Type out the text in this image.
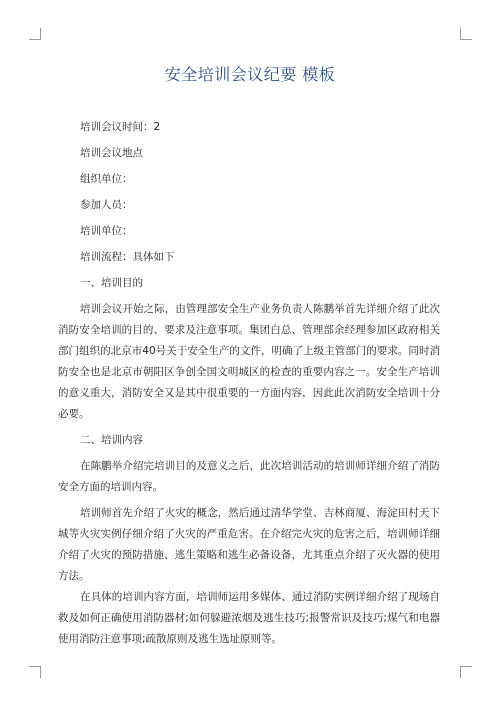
安全培训会议纪要 模板

培训会议时间：2

培训会议地点

组织单位：

参加人员：

培训单位：

培训流程：具体如下

一、培训目的

培训会议开始之际，由管理部安全生产业务负责人陈鹏举首先详细介绍了此次消防安全培训的目的、要求及注意事项。集团白总、管理部余经理参加区政府相关部门组织的北京市40号关于安全生产的文件，明确了上级主管部门的要求。同时消防安全也是北京市朝阳区争创全国文明城区的检查的重要内容之一。安全生产培训的意义重大，消防安全又是其中很重要的一方面内容，因此此次消防安全培训十分必要。

二、培训内容

在陈鹏举介绍完培训目的及意义之后，此次培训活动的培训师详细介绍了消防安全方面的培训内容。

培训师首先介绍了火灾的概念，然后通过清华学堂、吉林商厦、海淀田村天下城等火灾实例仔细介绍了火灾的严重危害。在介绍完火灾的危害之后，培训师详细介绍了火灾的预防措施、逃生策略和逃生必备设备，尤其重点介绍了灭火器的使用方法。

在具体的培训内容方面，培训师运用多媒体、通过消防实例详细介绍了现场自救及如何正确使用消防器材;如何躲避浓烟及逃生技巧;报警常识及技巧;煤气和电器使用消防注意事项;疏散原则及逃生选址原则等。
